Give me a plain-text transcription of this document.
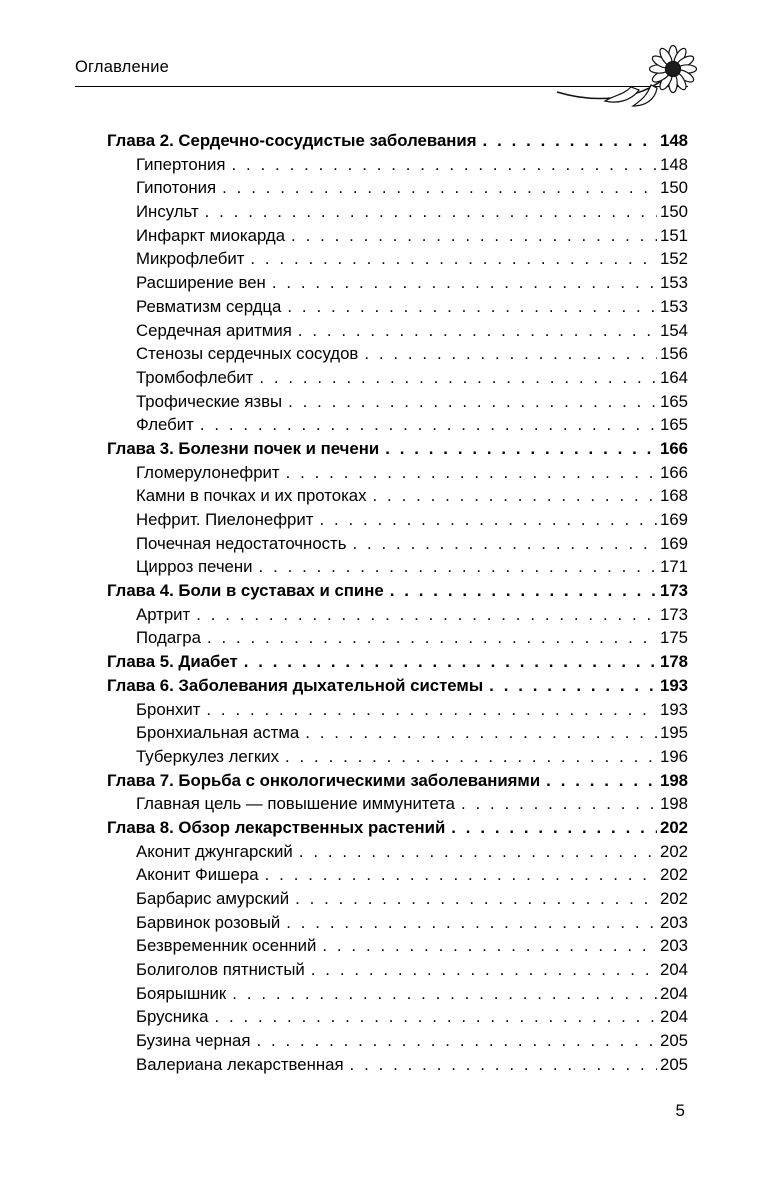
Оглавление
Глава 2. Сердечно-сосудистые заболевания . . .	148
Гипертония . . .	148
Гипотония . . .	150
Инсульт . . .	150
Инфаркт миокарда . . .	151
Микрофлебит . . .	152
Расширение вен . . .	153
Ревматизм сердца . . .	153
Сердечная аритмия . . .	154
Стенозы сердечных сосудов . . .	156
Тромбофлебит . . .	164
Трофические язвы . . .	165
Флебит . . .	165
Глава 3. Болезни почек и печени . . .	166
Гломерулонефрит . . .	166
Камни в почках и их протоках . . .	168
Нефрит. Пиелонефрит . . .	169
Почечная недостаточность . . .	169
Цирроз печени . . .	171
Глава 4. Боли в суставах и спине . . .	173
Артрит . . .	173
Подагра . . .	175
Глава 5. Диабет . . .	178
Глава 6. Заболевания дыхательной системы . . .	193
Бронхит . . .	193
Бронхиальная астма . . .	195
Туберкулез легких . . .	196
Глава 7. Борьба с онкологическими заболеваниями . . .	198
Главная цель — повышение иммунитета . . .	198
Глава 8. Обзор лекарственных растений . . .	202
Аконит джунгарский . . .	202
Аконит Фишера . . .	202
Барбарис амурский . . .	202
Барвинок розовый . . .	203
Безвременник осенний . . .	203
Болиголов пятнистый . . .	204
Боярышник . . .	204
Брусника . . .	204
Бузина черная . . .	205
Валериана лекарственная . . .	205
5
